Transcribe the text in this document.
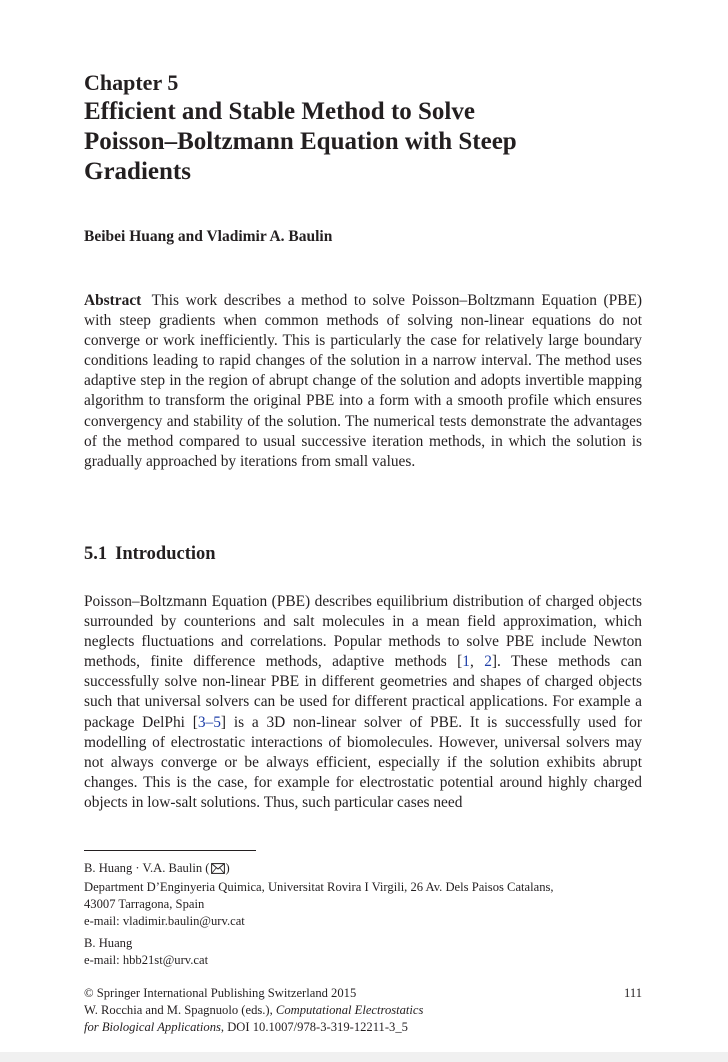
Chapter 5
Efficient and Stable Method to Solve
Poisson–Boltzmann Equation with Steep
Gradients
Beibei Huang and Vladimir A. Baulin
Abstract This work describes a method to solve Poisson–Boltzmann Equation (PBE) with steep gradients when common methods of solving non-linear equations do not converge or work inefficiently. This is particularly the case for relatively large boundary conditions leading to rapid changes of the solution in a narrow interval. The method uses adaptive step in the region of abrupt change of the solution and adopts invertible mapping algorithm to transform the original PBE into a form with a smooth profile which ensures convergency and stability of the solution. The numerical tests demonstrate the advantages of the method compared to usual successive iteration methods, in which the solution is gradually approached by iterations from small values.
5.1 Introduction
Poisson–Boltzmann Equation (PBE) describes equilibrium distribution of charged objects surrounded by counterions and salt molecules in a mean field approximation, which neglects fluctuations and correlations. Popular methods to solve PBE include Newton methods, finite difference methods, adaptive methods [1, 2]. These methods can successfully solve non-linear PBE in different geometries and shapes of charged objects such that universal solvers can be used for different practical applications. For example a package DelPhi [3–5] is a 3D non-linear solver of PBE. It is successfully used for modelling of electrostatic interactions of biomolecules. However, universal solvers may not always converge or be always efficient, especially if the solution exhibits abrupt changes. This is the case, for example for electrostatic potential around highly charged objects in low-salt solutions. Thus, such particular cases need
B. Huang · V.A. Baulin ( )
Department D’Enginyeria Quimica, Universitat Rovira I Virgili, 26 Av. Dels Paisos Catalans,
43007 Tarragona, Spain
e-mail: vladimir.baulin@urv.cat
B. Huang
e-mail: hbb21st@urv.cat
© Springer International Publishing Switzerland 2015
W. Rocchia and M. Spagnuolo (eds.), Computational Electrostatics
for Biological Applications, DOI 10.1007/978-3-319-12211-3_5
111
